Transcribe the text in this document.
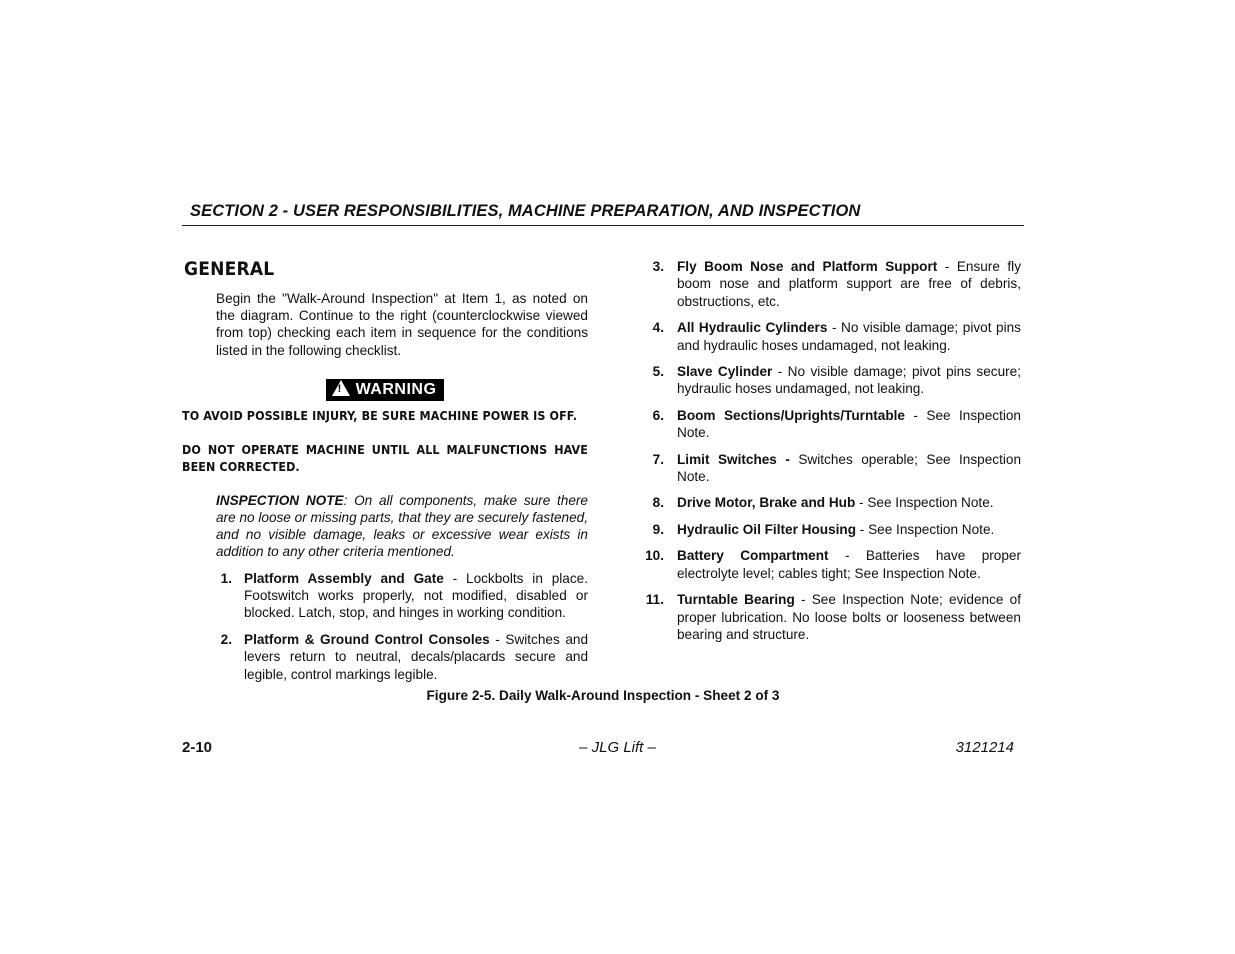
SECTION 2 - USER RESPONSIBILITIES, MACHINE PREPARATION, AND INSPECTION
GENERAL

Begin the "Walk-Around Inspection" at Item 1, as noted on the diagram. Continue to the right (counterclockwise viewed from top) checking each item in sequence for the conditions listed in the following checklist.

! WARNING

TO AVOID POSSIBLE INJURY, BE SURE MACHINE POWER IS OFF.

DO NOT OPERATE MACHINE UNTIL ALL MALFUNCTIONS HAVE BEEN CORRECTED.

INSPECTION NOTE: On all components, make sure there are no loose or missing parts, that they are securely fastened, and no visible damage, leaks or excessive wear exists in addition to any other criteria mentioned.

1. Platform Assembly and Gate - Lockbolts in place. Footswitch works properly, not modified, disabled or blocked. Latch, stop, and hinges in working condition.
2. Platform & Ground Control Consoles - Switches and levers return to neutral, decals/placards secure and legible, control markings legible.
3. Fly Boom Nose and Platform Support - Ensure fly boom nose and platform support are free of debris, obstructions, etc.
4. All Hydraulic Cylinders - No visible damage; pivot pins and hydraulic hoses undamaged, not leaking.
5. Slave Cylinder - No visible damage; pivot pins secure; hydraulic hoses undamaged, not leaking.
6. Boom Sections/Uprights/Turntable - See Inspection Note.
7. Limit Switches - Switches operable; See Inspection Note.
8. Drive Motor, Brake and Hub - See Inspection Note.
9. Hydraulic Oil Filter Housing - See Inspection Note.
10. Battery Compartment - Batteries have proper electrolyte level; cables tight; See Inspection Note.
11. Turntable Bearing - See Inspection Note; evidence of proper lubrication. No loose bolts or looseness between bearing and structure.
Figure 2-5. Daily Walk-Around Inspection - Sheet 2 of 3
2-10	– JLG Lift –	3121214
